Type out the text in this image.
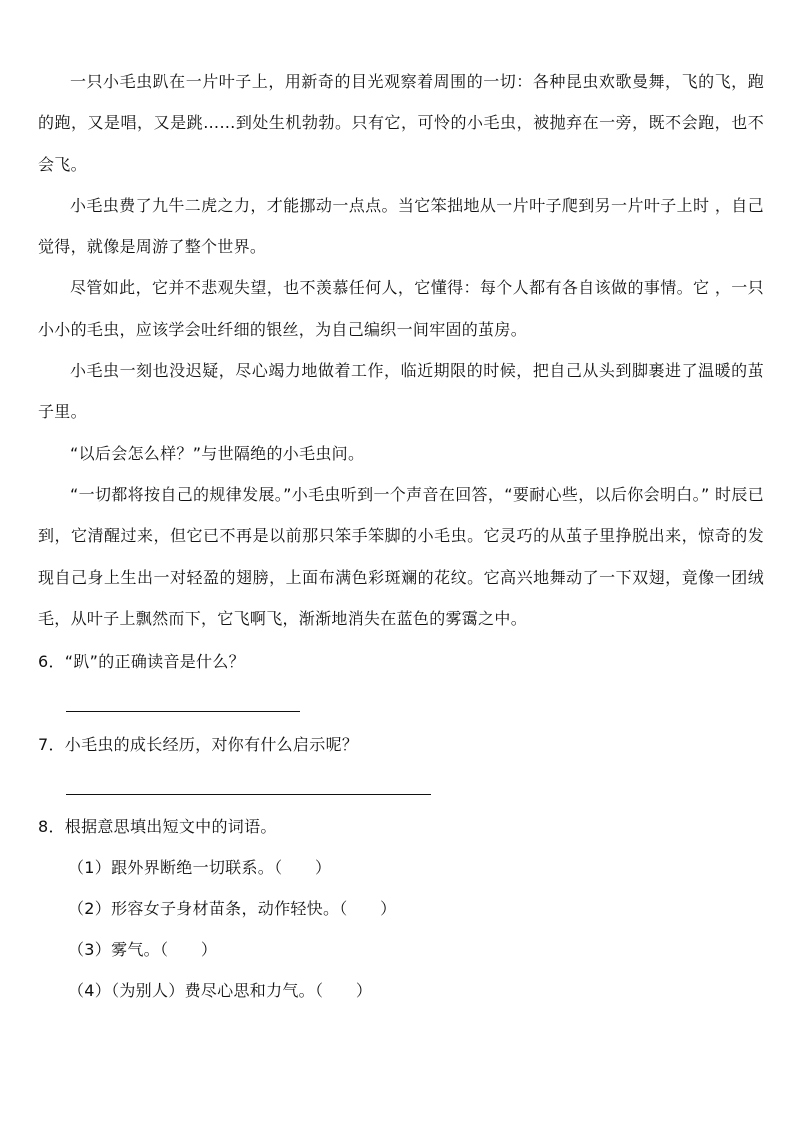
一只小毛虫趴在一片叶子上，用新奇的目光观察着周围的一切：各种昆虫欢歌曼舞，飞的飞，跑的跑，又是唱，又是跳……到处生机勃勃。只有它，可怜的小毛虫，被抛弃在一旁，既不会跑，也不会飞。

小毛虫费了九牛二虎之力，才能挪动一点点。当它笨拙地从一片叶子爬到另一片叶子上时 ，自己觉得，就像是周游了整个世界。

尽管如此，它并不悲观失望，也不羡慕任何人，它懂得：每个人都有各自该做的事情。它 ，一只小小的毛虫，应该学会吐纤细的银丝，为自己编织一间牢固的茧房。

小毛虫一刻也没迟疑，尽心竭力地做着工作，临近期限的时候，把自己从头到脚裹进了温暖的茧子里。

“以后会怎么样？”与世隔绝的小毛虫问。

“一切都将按自己的规律发展。”小毛虫听到一个声音在回答，“要耐心些，以后你会明白。” 时辰已到，它清醒过来，但它已不再是以前那只笨手笨脚的小毛虫。它灵巧的从茧子里挣脱出来，惊奇的发现自己身上生出一对轻盈的翅膀，上面布满色彩斑斓的花纹。它高兴地舞动了一下双翅，竟像一团绒毛，从叶子上飘然而下，它飞啊飞，渐渐地消失在蓝色的雾霭之中。

6．“趴”的正确读音是什么？

7．小毛虫的成长经历，对你有什么启示呢？

8．根据意思填出短文中的词语。

（1）跟外界断绝一切联系。（　　）

（2）形容女子身材苗条，动作轻快。（　　）

（3）雾气。（　　）

（4）（为别人）费尽心思和力气。（　　）
